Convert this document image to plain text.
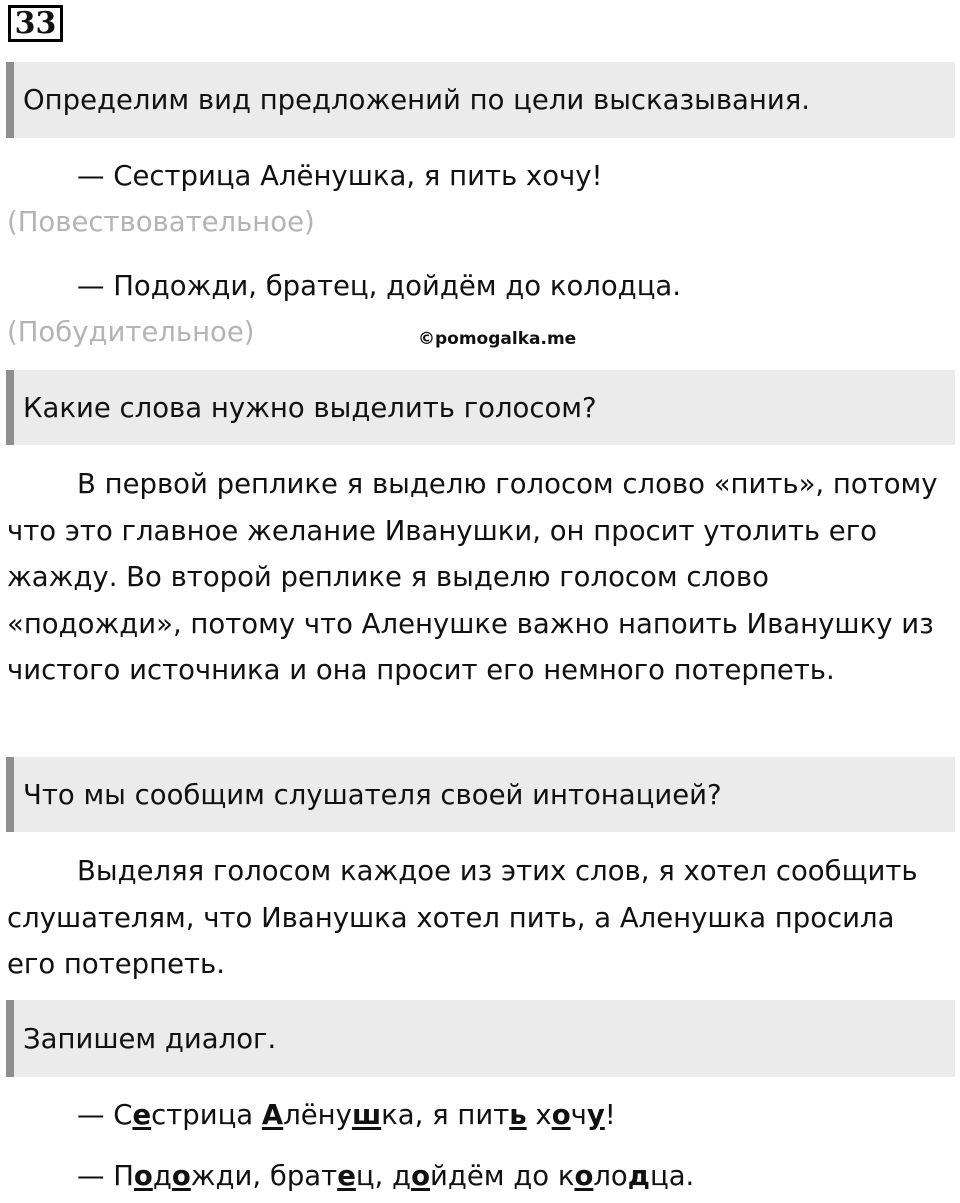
33
Определим вид предложений по цели высказывания.
— Сестрица Алёнушка, я пить хочу!
(Повествовательное)
— Подожди, братец, дойдём до колодца.
(Побудительное)	©pomogalka.me
Какие слова нужно выделить голосом?

В первой реплике я выделю голосом слово «пить», потому что это главное желание Иванушки, он просит утолить его жажду. Во второй реплике я выделю голосом слово «подожди», потому что Аленушке важно напоить Иванушку из чистого источника и она просит его немного потерпеть.

Что мы сообщим слушателя своей интонацией?

Выделяя голосом каждое из этих слов, я хотел сообщить слушателям, что Иванушка хотел пить, а Аленушка просила его потерпеть.

Запишем диалог.
— Сестрица Алёнушка, я пить хочу!
— Подожди, братец, дойдём до колодца.
